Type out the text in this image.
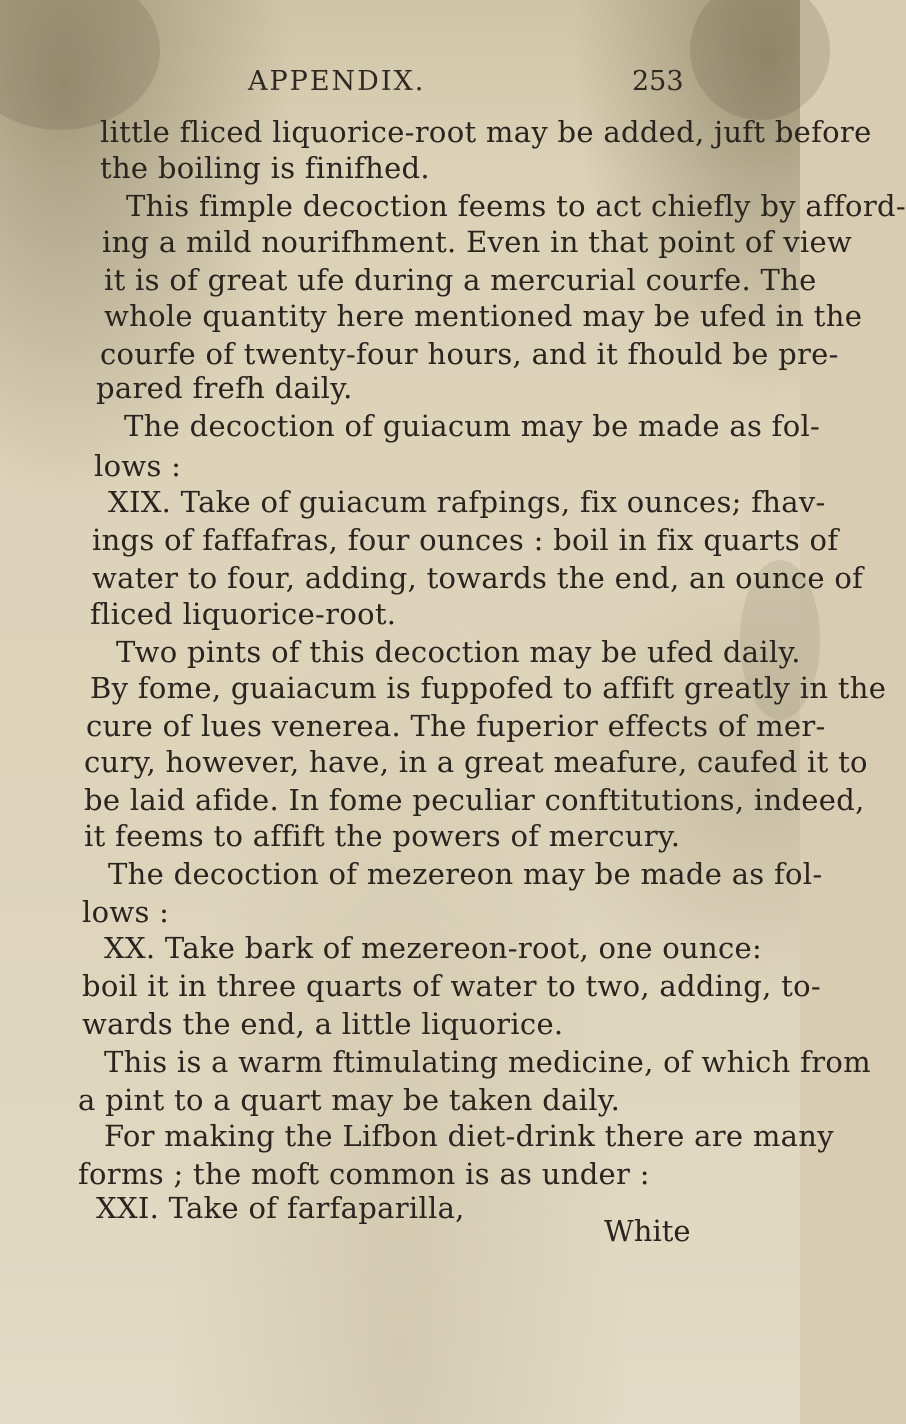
APPENDIX.	253
little fliced liquorice-root may be added, juft before
the boiling is finifhed.
This fimple decoction feems to act chiefly by afford-
ing a mild nourifhment. Even in that point of view
it is of great ufe during a mercurial courfe. The
whole quantity here mentioned may be ufed in the
courfe of twenty-four hours, and it fhould be pre-
pared frefh daily.
The decoction of guiacum may be made as fol-
lows :
XIX. Take of guiacum rafpings, fix ounces; fhav-
ings of faffafras, four ounces : boil in fix quarts of
water to four, adding, towards the end, an ounce of
fliced liquorice-root.
Two pints of this decoction may be ufed daily.
By fome, guaiacum is fuppofed to affift greatly in the
cure of lues venerea. The fuperior effects of mer-
cury, however, have, in a great meafure, caufed it to
be laid afide. In fome peculiar conftitutions, indeed,
it feems to affift the powers of mercury.
The decoction of mezereon may be made as fol-
lows :
XX. Take bark of mezereon-root, one ounce:
boil it in three quarts of water to two, adding, to-
wards the end, a little liquorice.
This is a warm ftimulating medicine, of which from
a pint to a quart may be taken daily.
For making the Lifbon diet-drink there are many
forms ; the moft common is as under :
XXI. Take of farfaparilla,
White
